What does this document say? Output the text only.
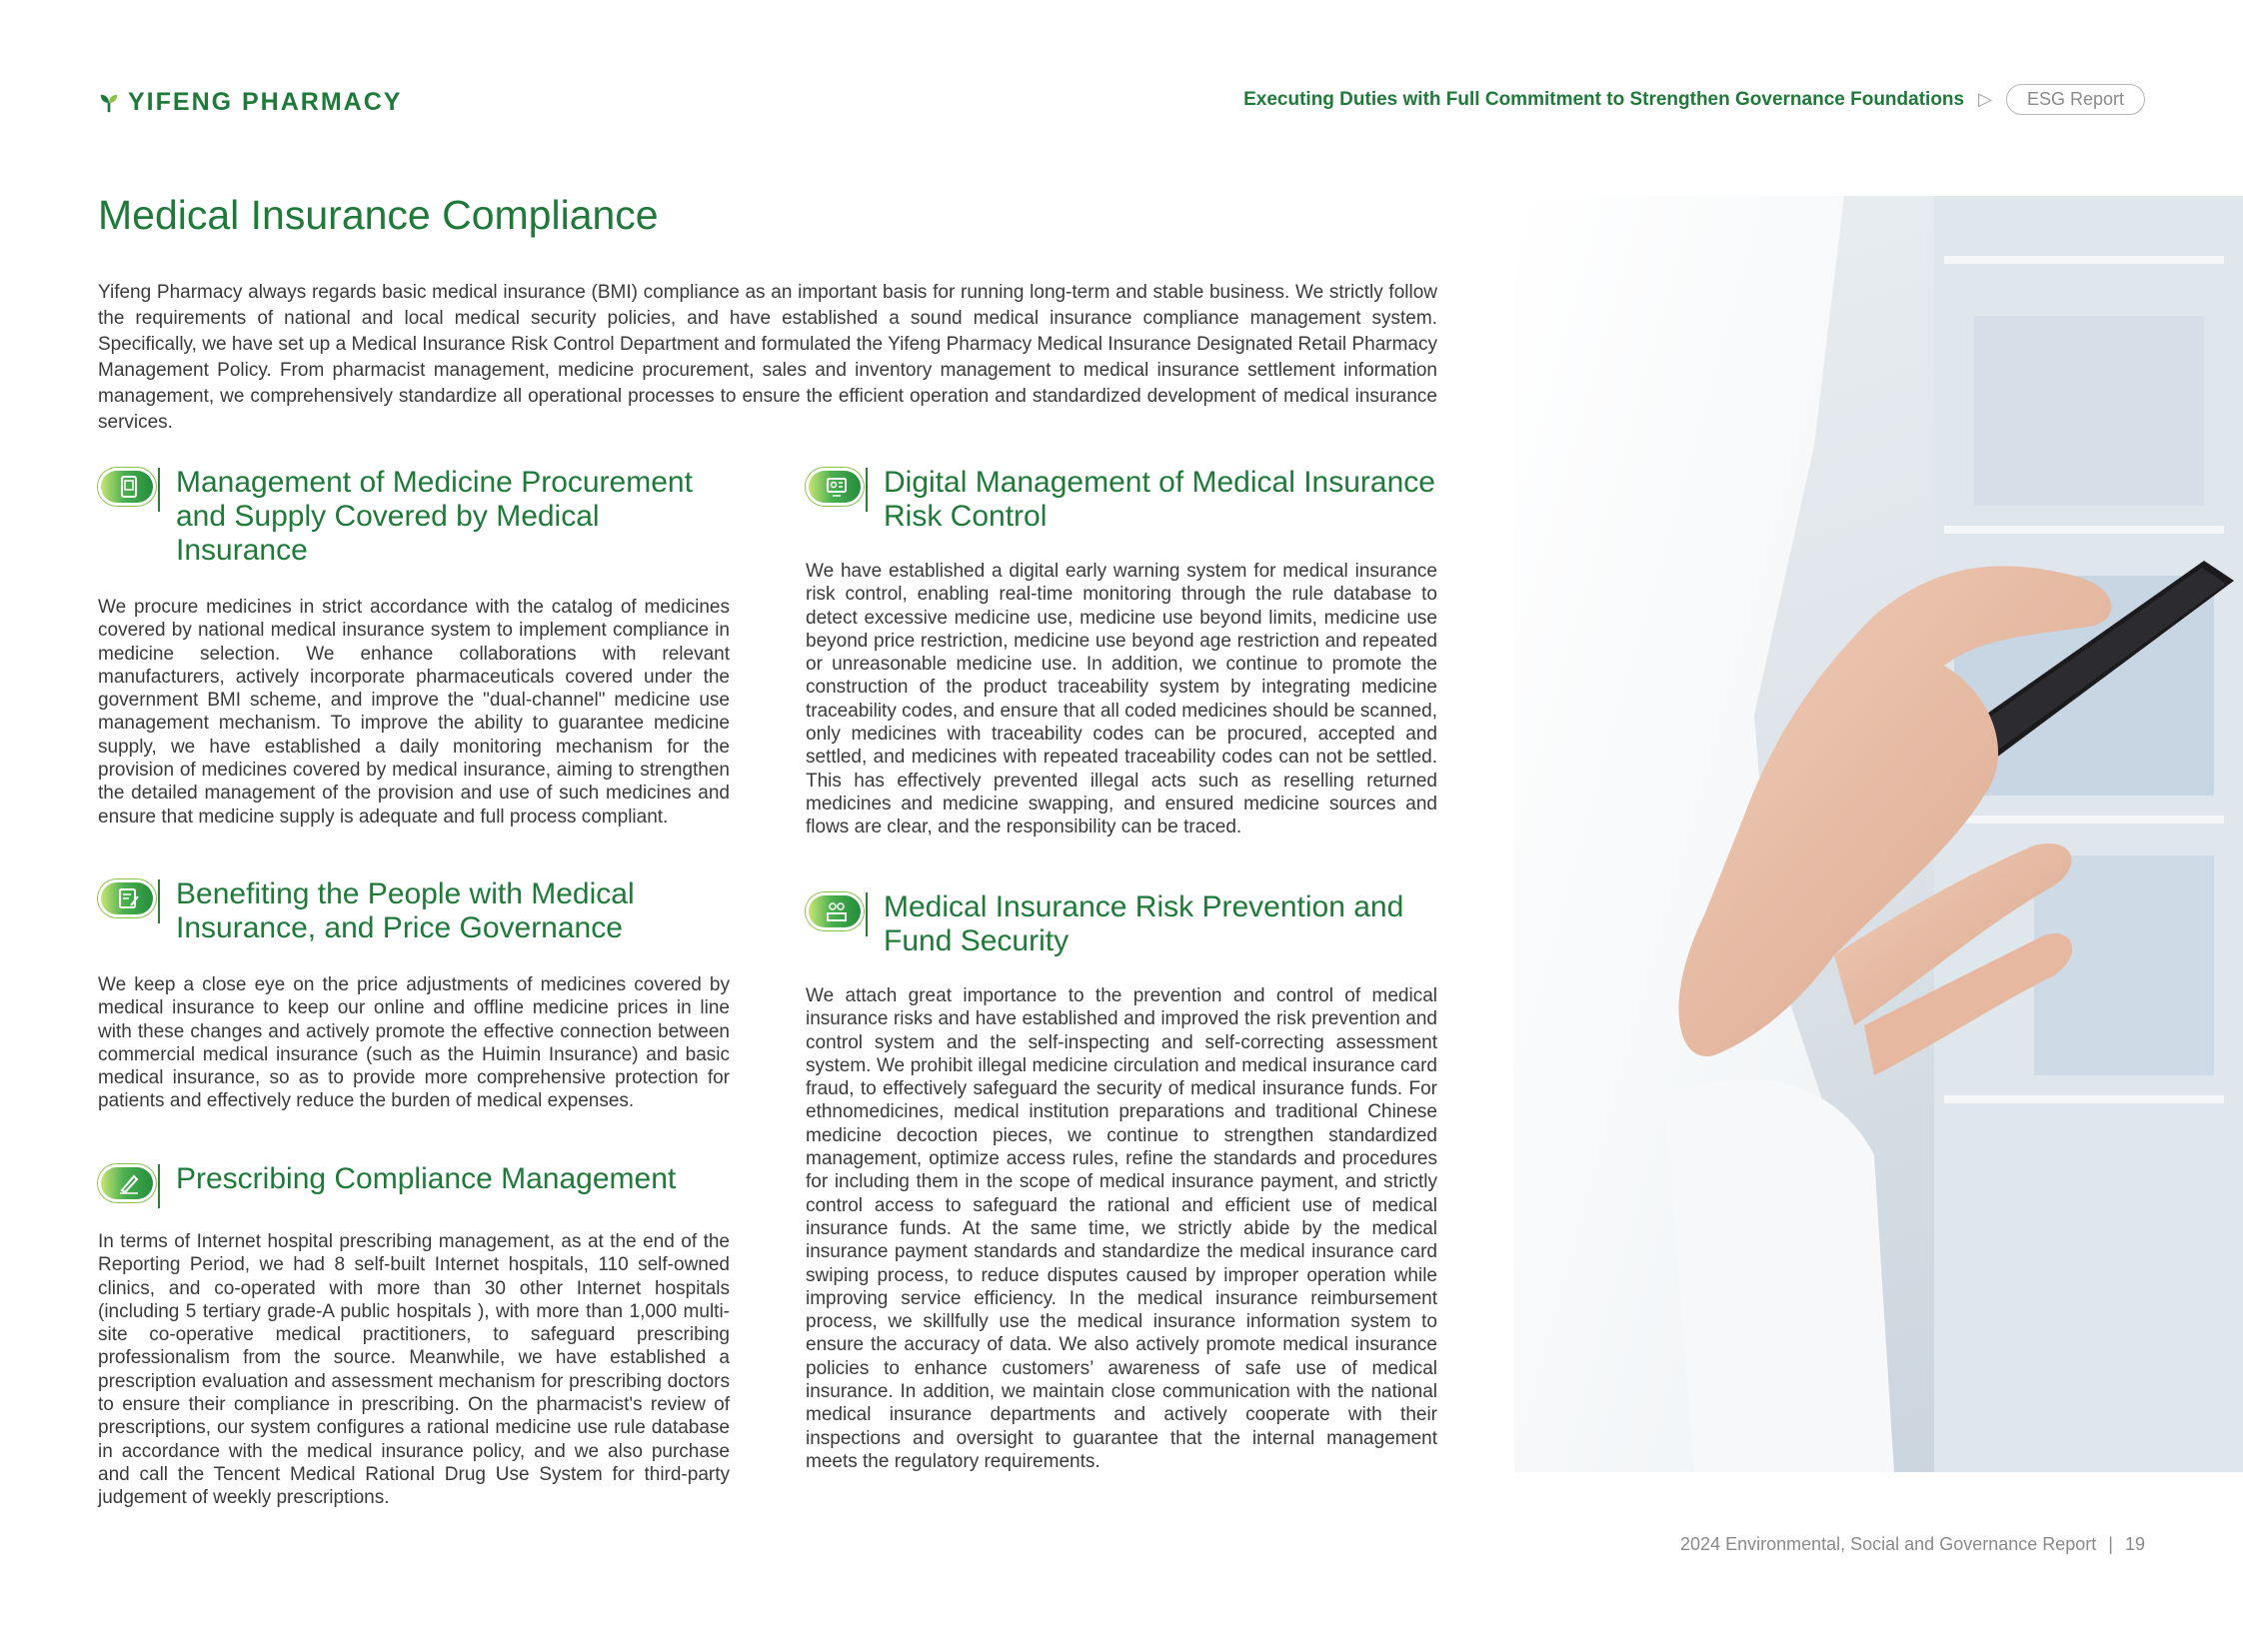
YIFENG PHARMACY	Executing Duties with Full Commitment to Strengthen Governance Foundations ▷	ESG Report
Medical Insurance Compliance

Yifeng Pharmacy always regards basic medical insurance (BMI) compliance as an important basis for running long-term and stable business. We strictly follow the requirements of national and local medical security policies, and have established a sound medical insurance compliance management system. Specifically, we have set up a Medical Insurance Risk Control Department and formulated the Yifeng Pharmacy Medical Insurance Designated Retail Pharmacy Management Policy. From pharmacist management, medicine procurement, sales and inventory management to medical insurance settlement information management, we comprehensively standardize all operational processes to ensure the efficient operation and standardized development of medical insurance services.

Management of Medicine Procurement and Supply Covered by Medical Insurance

We procure medicines in strict accordance with the catalog of medicines covered by national medical insurance system to implement compliance in medicine selection. We enhance collaborations with relevant manufacturers, actively incorporate pharmaceuticals covered under the government BMI scheme, and improve the "dual-channel" medicine use management mechanism. To improve the ability to guarantee medicine supply, we have established a daily monitoring mechanism for the provision of medicines covered by medical insurance, aiming to strengthen the detailed management of the provision and use of such medicines and ensure that medicine supply is adequate and full process compliant.

Benefiting the People with Medical Insurance, and Price Governance

We keep a close eye on the price adjustments of medicines covered by medical insurance to keep our online and offline medicine prices in line with these changes and actively promote the effective connection between commercial medical insurance (such as the Huimin Insurance) and basic medical insurance, so as to provide more comprehensive protection for patients and effectively reduce the burden of medical expenses.

Prescribing Compliance Management

In terms of Internet hospital prescribing management, as at the end of the Reporting Period, we had 8 self-built Internet hospitals, 110 self-owned clinics, and co-operated with more than 30 other Internet hospitals (including 5 tertiary grade-A public hospitals ), with more than 1,000 multi-site co-operative medical practitioners, to safeguard prescribing professionalism from the source. Meanwhile, we have established a prescription evaluation and assessment mechanism for prescribing doctors to ensure their compliance in prescribing. On the pharmacist's review of prescriptions, our system configures a rational medicine use rule database in accordance with the medical insurance policy, and we also purchase and call the Tencent Medical Rational Drug Use System for third-party judgement of weekly prescriptions.

Digital Management of Medical Insurance Risk Control

We have established a digital early warning system for medical insurance risk control, enabling real-time monitoring through the rule database to detect excessive medicine use, medicine use beyond limits, medicine use beyond price restriction, medicine use beyond age restriction and repeated or unreasonable medicine use. In addition, we continue to promote the construction of the product traceability system by integrating medicine traceability codes, and ensure that all coded medicines should be scanned, only medicines with traceability codes can be procured, accepted and settled, and medicines with repeated traceability codes can not be settled. This has effectively prevented illegal acts such as reselling returned medicines and medicine swapping, and ensured medicine sources and flows are clear, and the responsibility can be traced.

Medical Insurance Risk Prevention and Fund Security

We attach great importance to the prevention and control of medical insurance risks and have established and improved the risk prevention and control system and the self-inspecting and self-correcting assessment system. We prohibit illegal medicine circulation and medical insurance card fraud, to effectively safeguard the security of medical insurance funds. For ethnomedicines, medical institution preparations and traditional Chinese medicine decoction pieces, we continue to strengthen standardized management, optimize access rules, refine the standards and procedures for including them in the scope of medical insurance payment, and strictly control access to safeguard the rational and efficient use of medical insurance funds. At the same time, we strictly abide by the medical insurance payment standards and standardize the medical insurance card swiping process, to reduce disputes caused by improper operation while improving service efficiency. In the medical insurance reimbursement process, we skillfully use the medical insurance information system to ensure the accuracy of data. We also actively promote medical insurance policies to enhance customers’ awareness of safe use of medical insurance. In addition, we maintain close communication with the national medical insurance departments and actively cooperate with their inspections and oversight to guarantee that the internal management meets the regulatory requirements.

2024 Environmental, Social and Governance Report | 19
